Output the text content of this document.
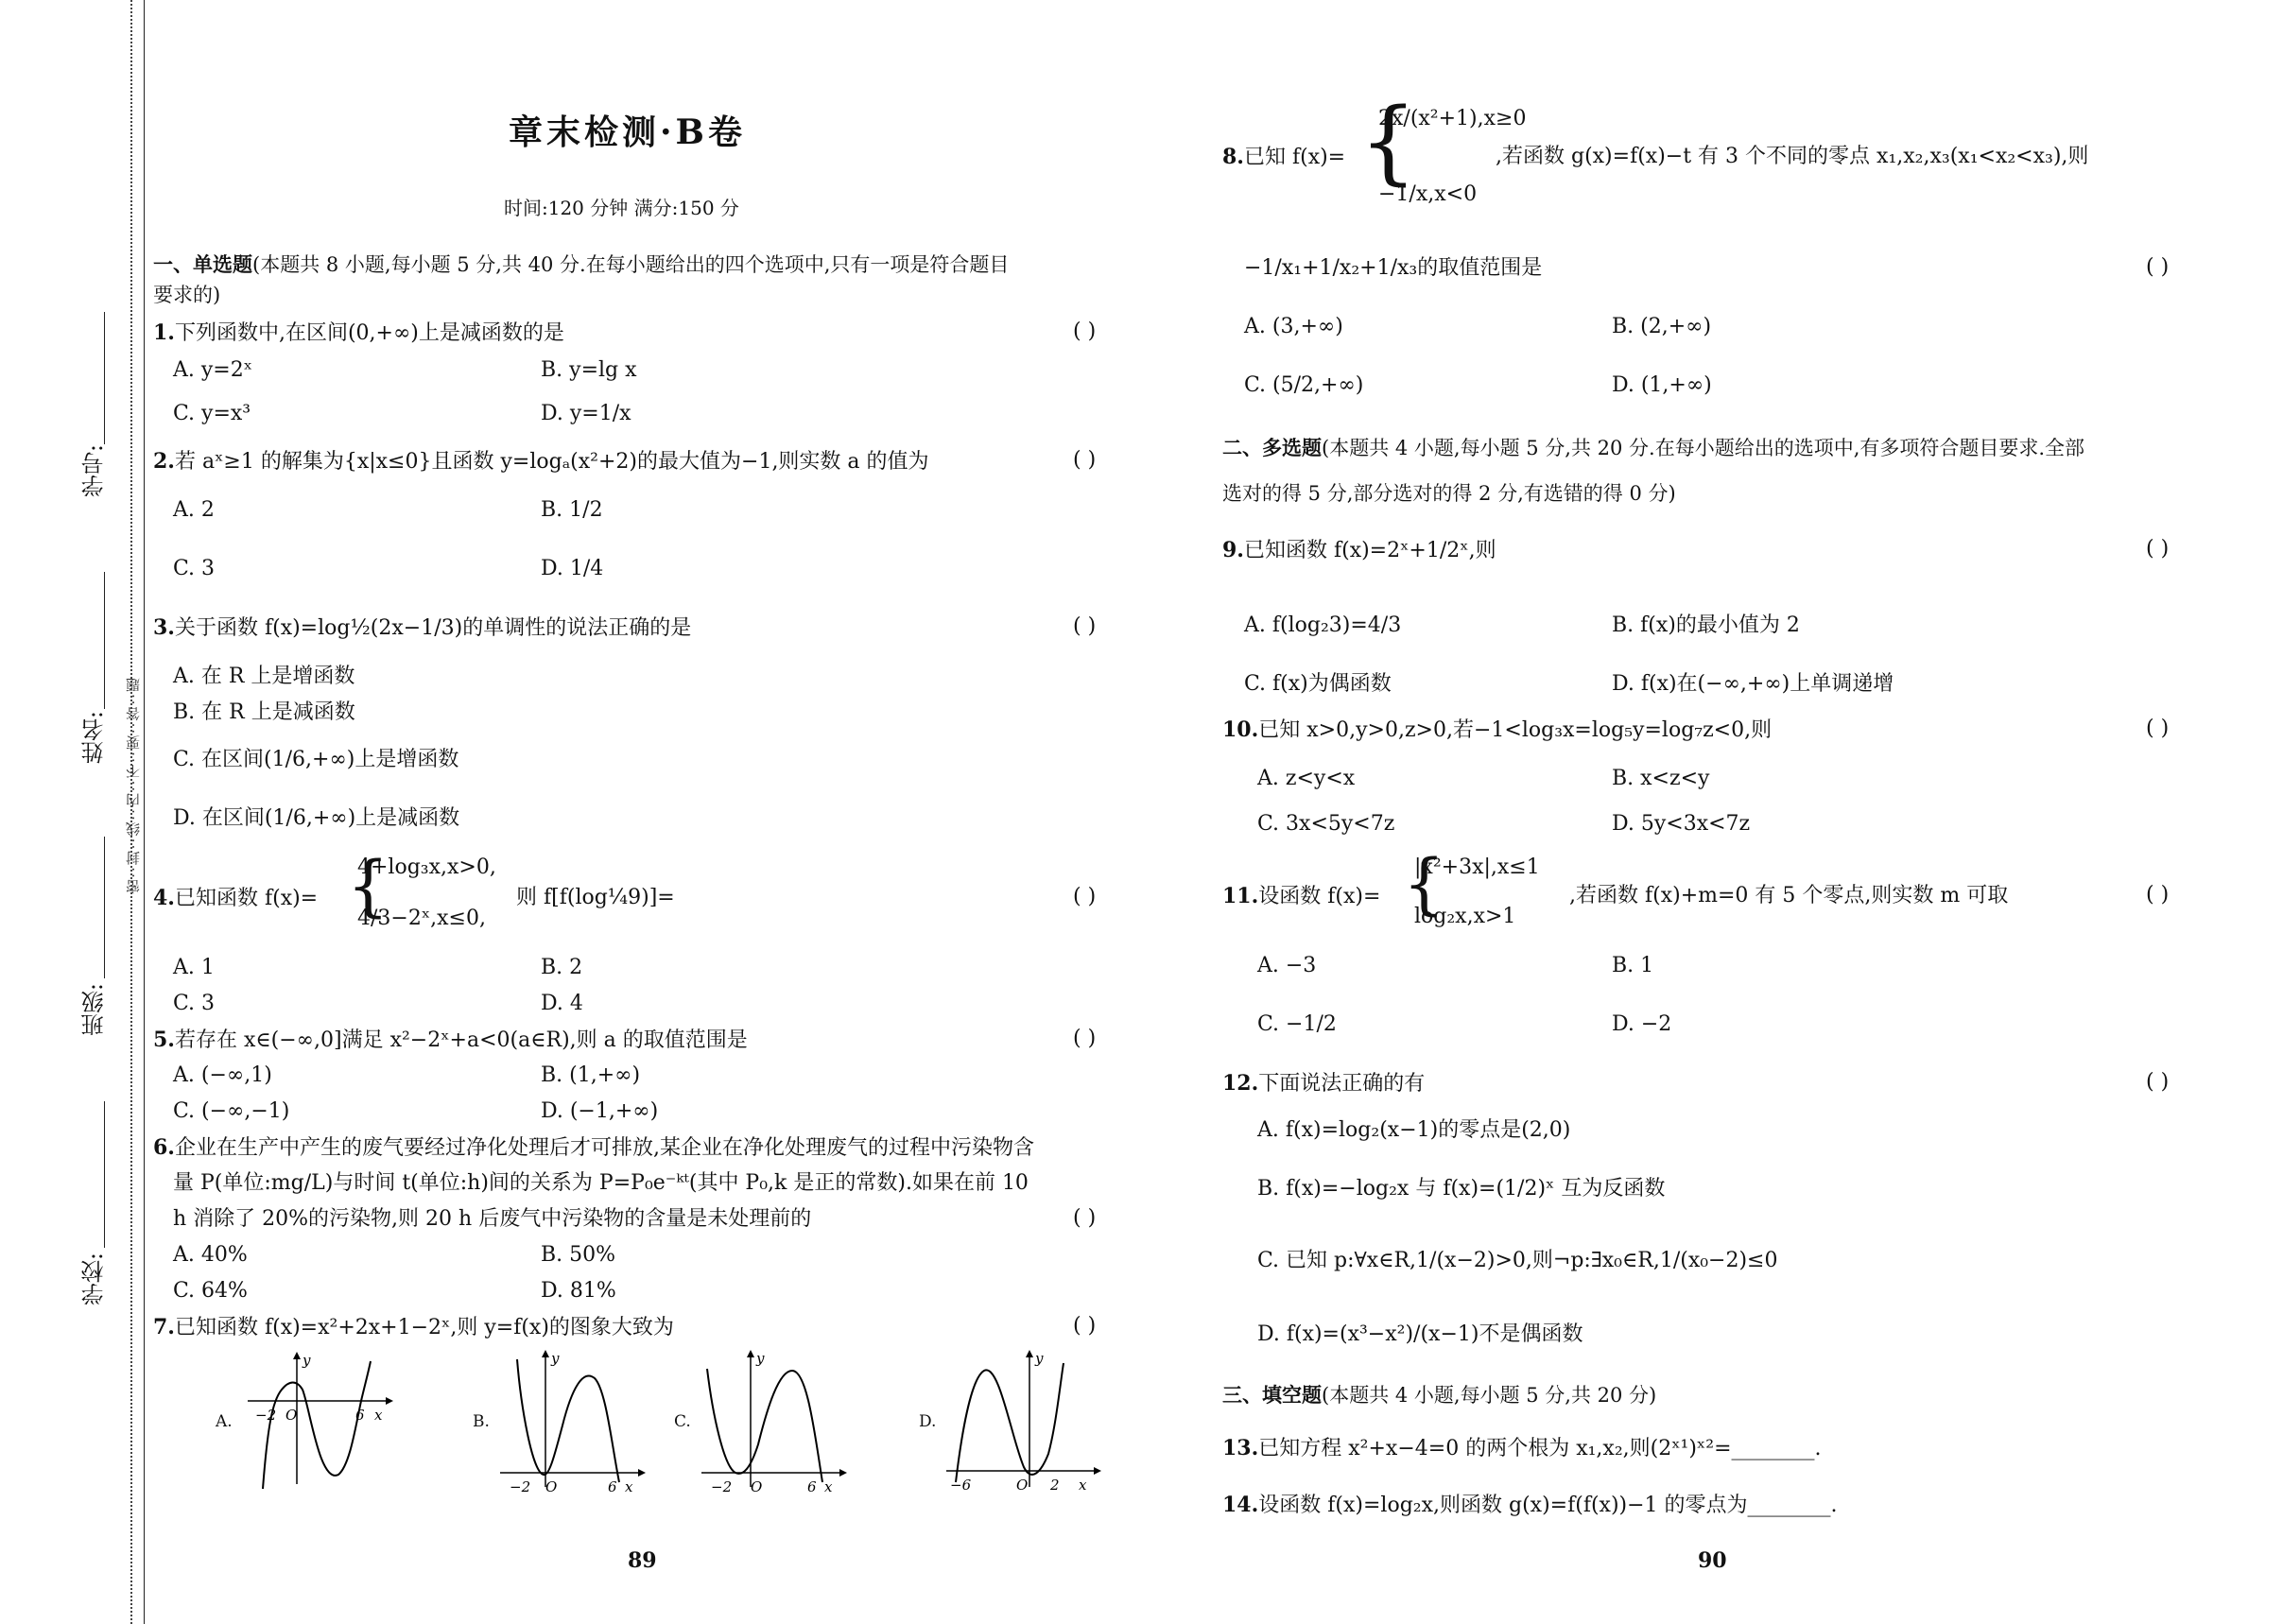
学号:
姓名:
班级:
学校:
密··封··线··内··不··要··答··题
章末检测·B卷
时间:120 分钟 满分:150 分
一、单选题(本题共 8 小题,每小题 5 分,共 40 分.在每小题给出的四个选项中,只有一项是符合题目
要求的)
1.下列函数中,在区间(0,+∞)上是减函数的是	( )
A. y=2ˣ	B. y=lg x
C. y=x³	D. y=1/x
2.若 aˣ≥1 的解集为{x|x≤0}且函数 y=logₐ(x²+2)的最大值为−1,则实数 a 的值为	( )
A. 2	B. 1/2
C. 3	D. 1/4
3.关于函数 f(x)=log½(2x−1/3)的单调性的说法正确的是	( )
A. 在 R 上是增函数
B. 在 R 上是减函数
C. 在区间(1/6,+∞)上是增函数
D. 在区间(1/6,+∞)上是减函数
4.已知函数 f(x)= {
4+log₃x,x>0,
4/3−2ˣ,x≤0,
则 f[f(log¼9)]=	( )
A. 1	B. 2
C. 3	D. 4
5.若存在 x∈(−∞,0]满足 x²−2ˣ+a<0(a∈R),则 a 的取值范围是	( )
A. (−∞,1)	B. (1,+∞)
C. (−∞,−1)	D. (−1,+∞)
6.企业在生产中产生的废气要经过净化处理后才可排放,某企业在净化处理废气的过程中污染物含
量 P(单位:mg/L)与时间 t(单位:h)间的关系为 P=P₀e⁻ᵏᵗ(其中 P₀,k 是正的常数).如果在前 10
h 消除了 20%的污染物,则 20 h 后废气中污染物的含量是未处理前的	( )
A. 40%	B. 50%
C. 64%	D. 81%
7.已知函数 f(x)=x²+2x+1−2ˣ,则 y=f(x)的图象大致为	( )
A.
y
−2 O	6 x	B.
y
−2 O	6 x
C.
y
−2 O	6 x
D.
y
−6	O 2 x
89
8.已知 f(x)= {
2x/(x²+1),x≥0
−1/x,x<0
,若函数 g(x)=f(x)−t 有 3 个不同的零点 x₁,x₂,x₃(x₁<x₂<x₃),则
−1/x₁+1/x₂+1/x₃的取值范围是	( )
A. (3,+∞)	B. (2,+∞)
C. (5/2,+∞)	D. (1,+∞)
二、多选题(本题共 4 小题,每小题 5 分,共 20 分.在每小题给出的选项中,有多项符合题目要求.全部
选对的得 5 分,部分选对的得 2 分,有选错的得 0 分)
9.已知函数 f(x)=2ˣ+1/2ˣ,则	( )
A. f(log₂3)=4/3	B. f(x)的最小值为 2
C. f(x)为偶函数	D. f(x)在(−∞,+∞)上单调递增
10.已知 x>0,y>0,z>0,若−1<log₃x=log₅y=log₇z<0,则	( )
A. z<y<x	B. x<z<y
C. 3x<5y<7z	D. 5y<3x<7z
11.设函数 f(x)= {
|x²+3x|,x≤1
log₂x,x>1
,若函数 f(x)+m=0 有 5 个零点,则实数 m 可取	( )
A. −3	B. 1
C. −1/2	D. −2
12.下面说法正确的有	( )
A. f(x)=log₂(x−1)的零点是(2,0)
B. f(x)=−log₂x 与 f(x)=(1/2)ˣ 互为反函数
C. 已知 p:∀x∈R,1/(x−2)>0,则¬p:∃x₀∈R,1/(x₀−2)≤0
D. f(x)=(x³−x²)/(x−1)不是偶函数
三、填空题(本题共 4 小题,每小题 5 分,共 20 分)
13.已知方程 x²+x−4=0 的两个根为 x₁,x₂,则(2ˣ¹)ˣ²=________.
14.设函数 f(x)=log₂x,则函数 g(x)=f(f(x))−1 的零点为________.
90
